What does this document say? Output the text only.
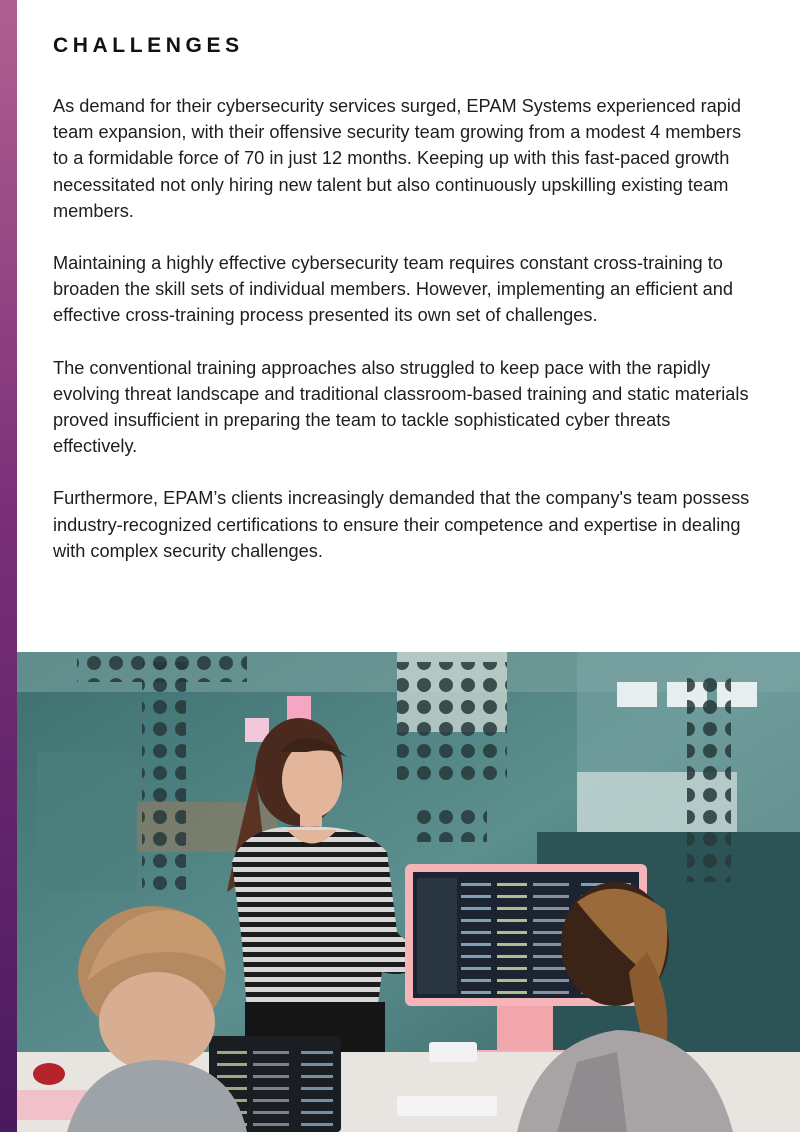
CHALLENGES

As demand for their cybersecurity services surged, EPAM Systems experienced rapid team expansion, with their offensive security team growing from a modest 4 members to a formidable force of 70 in just 12 months. Keeping up with this fast-paced growth necessitated not only hiring new talent but also continuously upskilling existing team members.

Maintaining a highly effective cybersecurity team requires constant cross-training to broaden the skill sets of individual members. However, implementing an efficient and effective cross-training process presented its own set of challenges.

The conventional training approaches also struggled to keep pace with the rapidly evolving threat landscape and traditional classroom-based training and static materials proved insufficient in preparing the team to tackle sophisticated cyber threats effectively.

Furthermore, EPAM’s clients increasingly demanded that the company's team possess industry-recognized certifications to ensure their competence and expertise in dealing with complex security challenges.
